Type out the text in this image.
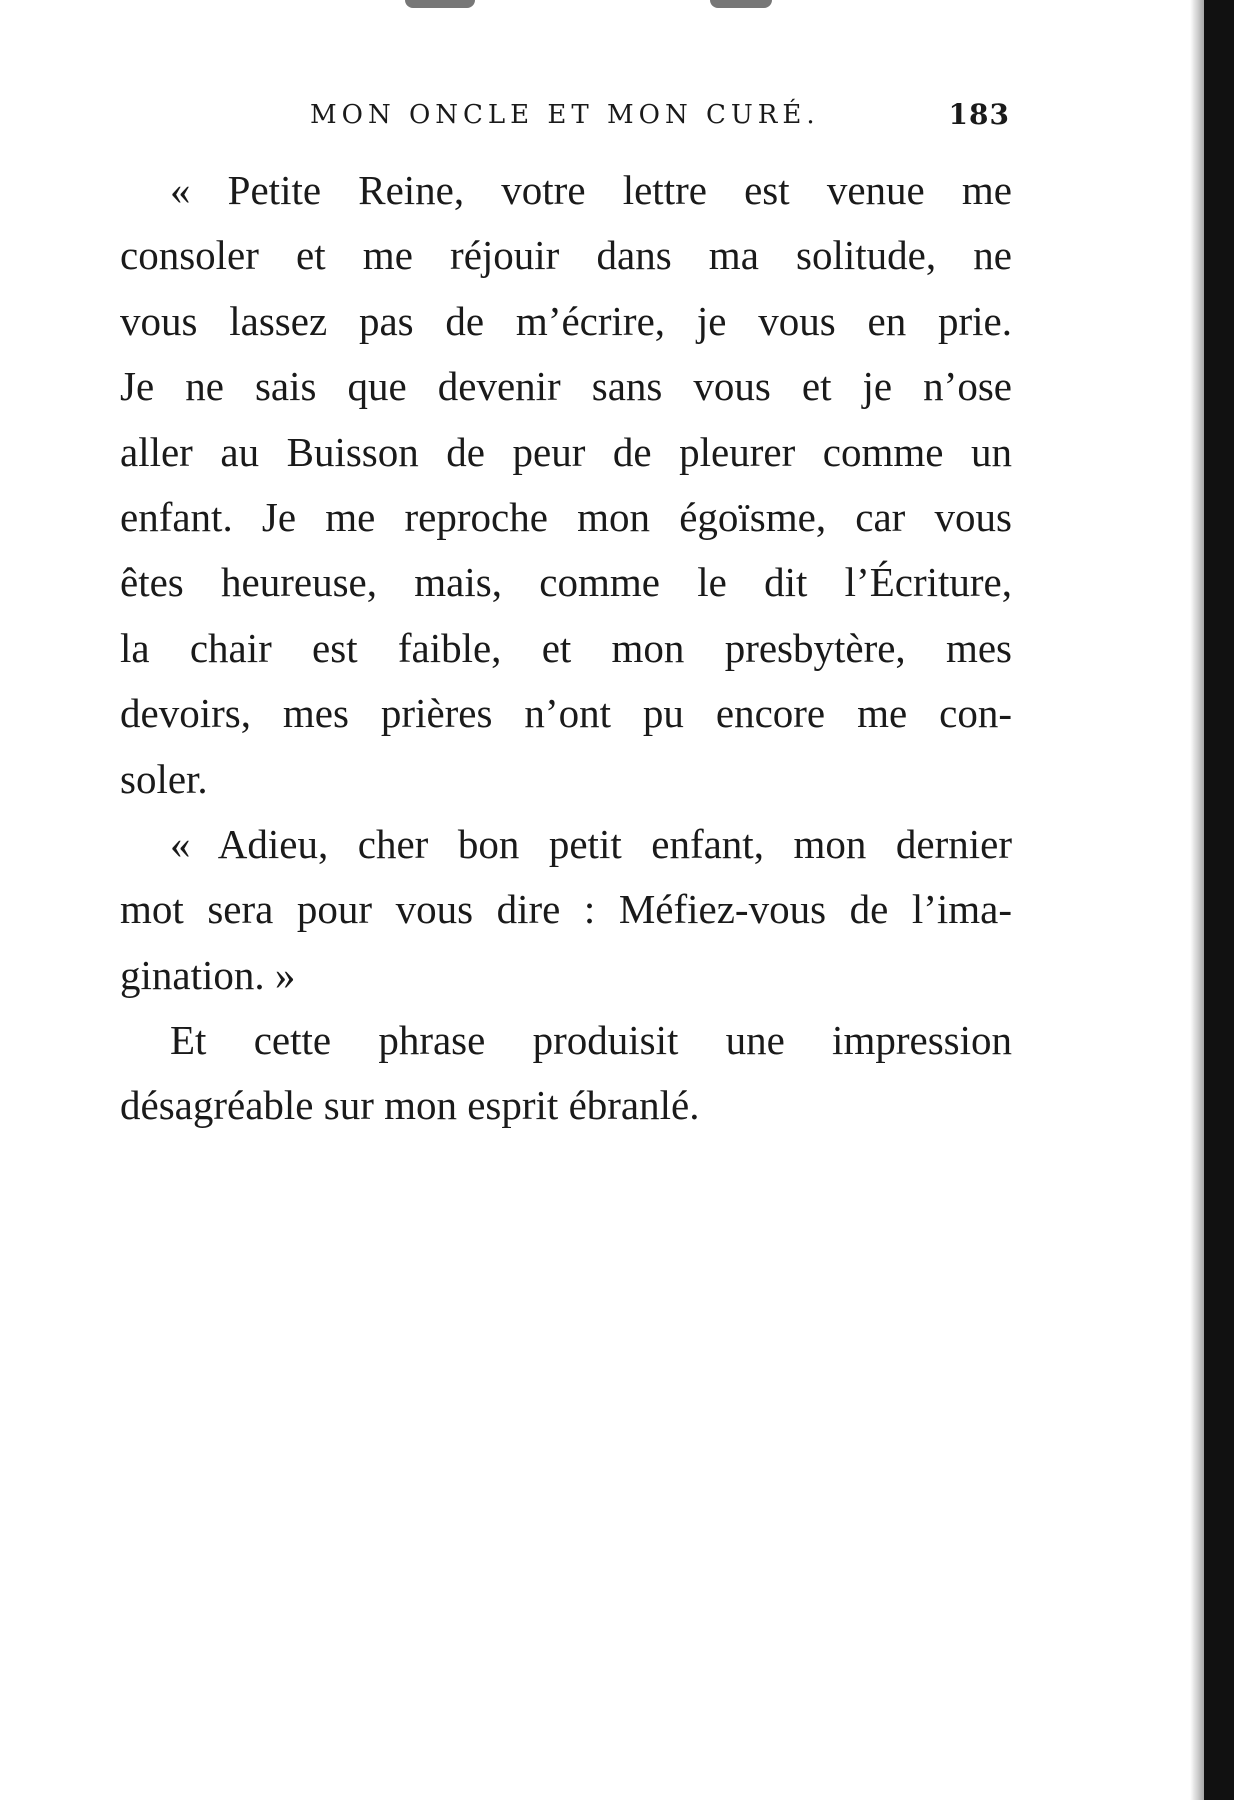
MON ONCLE ET MON CURÉ.	183
« Petite Reine, votre lettre est venue me
consoler et me réjouir dans ma solitude, ne
vous lassez pas de m’écrire, je vous en prie.
Je ne sais que devenir sans vous et je n’ose
aller au Buisson de peur de pleurer comme un
enfant. Je me reproche mon égoïsme, car vous
êtes heureuse, mais, comme le dit l’Écriture,
la chair est faible, et mon presbytère, mes
devoirs, mes prières n’ont pu encore me con-
soler.
« Adieu, cher bon petit enfant, mon dernier
mot sera pour vous dire : Méfiez-vous de l’ima-
gination. »
Et cette phrase produisit une impression
désagréable sur mon esprit ébranlé.
